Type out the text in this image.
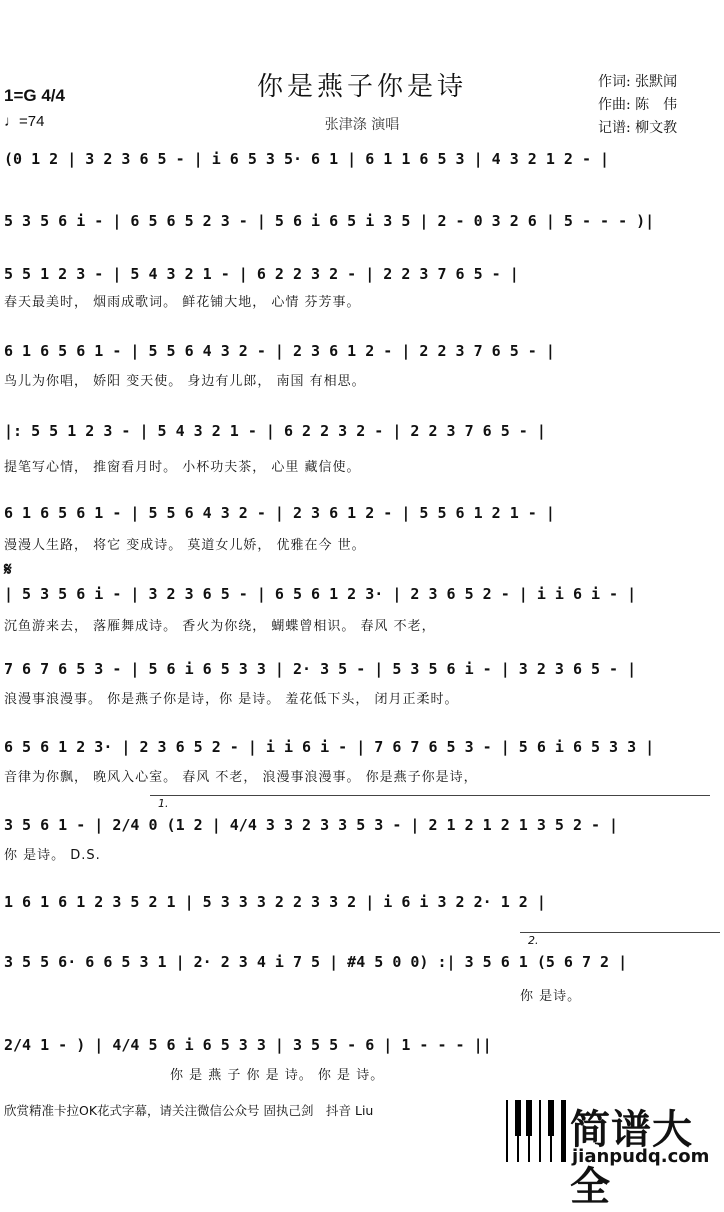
你是燕子你是诗
1=G 4/4
♩=74	张津涤 演唱
作词: 张默闻
作曲: 陈　伟
记谱: 柳文教
(0 1 2 | 3 2 3 6 5 - | i 6 5 3 5· 6 1 | 6 1 1 6 5 3 | 4 3 2 1 2 - |
5 3 5 6 i - | 6 5 6 5 2 3 - | 5 6 i 6 5 i 3 5 | 2 - 0 3 2 6 | 5 - - - )|
5 5 1 2 3 - | 5 4 3 2 1 - | 6 2 2 3 2 - | 2 2 3 7 6 5 - |
春天最美时， 烟雨成歌词。 鲜花铺大地， 心情 芬芳事。
6 1 6 5 6 1 - | 5 5 6 4 3 2 - | 2 3 6 1 2 - | 2 2 3 7 6 5 - |
鸟儿为你唱， 娇阳 变天使。 身边有儿郎， 南国 有相思。
|: 5 5 1 2 3 - | 5 4 3 2 1 - | 6 2 2 3 2 - | 2 2 3 7 6 5 - |
提笔写心情， 推窗看月时。 小杯功夫茶， 心里 藏信使。
6 1 6 5 6 1 - | 5 5 6 4 3 2 - | 2 3 6 1 2 - | 5 5 6 1 2 1 - |
漫漫人生路， 将它 变成诗。 莫道女儿娇， 优雅在今 世。
𝄋
| 5 3 5 6 i - | 3 2 3 6 5 - | 6 5 6 1 2 3· | 2 3 6 5 2 - | i i 6 i - |
沉鱼游来去， 落雁舞成诗。 香火为你绕， 蝴蝶曾相识。 春风 不老，
7 6 7 6 5 3 - | 5 6 i 6 5 3 3 | 2· 3 5 - | 5 3 5 6 i - | 3 2 3 6 5 - |
浪漫事浪漫事。 你是燕子你是诗，你 是诗。 羞花低下头， 闭月正柔时。
6 5 6 1 2 3· | 2 3 6 5 2 - | i i 6 i - | 7 6 7 6 5 3 - | 5 6 i 6 5 3 3 |
音律为你飘， 晚风入心室。 春风 不老， 浪漫事浪漫事。 你是燕子你是诗，
1.
3 5 6 1 - | 2/4 0 (1 2 | 4/4 3 3 2 3 3 5 3 - | 2 1 2 1 2 1 3 5 2 - |
你 是诗。 D.S.
1 6 1 6 1 2 3 5 2 1 | 5 3 3 3 2 2 3 3 2 | i 6 i 3 2 2· 1 2 |
2.
3 5 5 6· 6 6 5 3 1 | 2· 2 3 4 i 7 5 | #4 5 0 0) :| 3 5 6 1 (5 6 7 2 |
你 是诗。
2/4 1 - ) | 4/4 5 6 i 6 5 3 3 | 3 5 5 - 6 | 1 - - - ||
你 是 燕 子 你 是 诗。 你 是 诗。
欣赏精准卡拉OK花式字幕，请关注微信公众号 固执己剑　抖音 Liu	简谱大全
jianpudq.com
